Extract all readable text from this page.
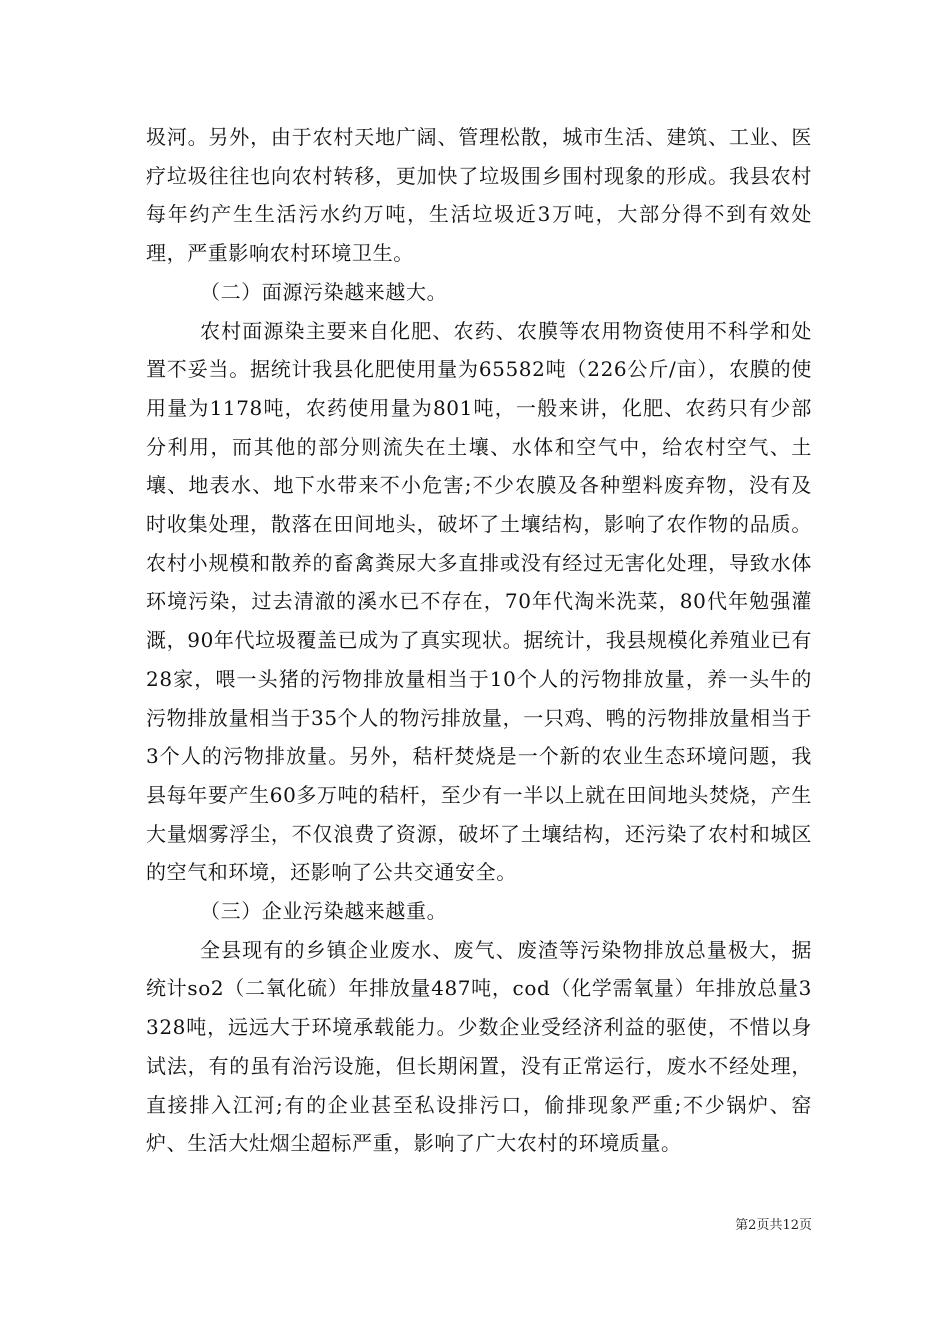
圾河。另外，由于农村天地广阔、管理松散，城市生活、建筑、工业、医疗垃圾往往也向农村转移，更加快了垃圾围乡围村现象的形成。我县农村每年约产生生活污水约万吨，生活垃圾近3万吨，大部分得不到有效处理，严重影响农村环境卫生。

（二）面源污染越来越大。

农村面源染主要来自化肥、农药、农膜等农用物资使用不科学和处置不妥当。据统计我县化肥使用量为65582吨（226公斤/亩），农膜的使用量为1178吨，农药使用量为801吨，一般来讲，化肥、农药只有少部分利用，而其他的部分则流失在土壤、水体和空气中，给农村空气、土壤、地表水、地下水带来不小危害;不少农膜及各种塑料废弃物，没有及时收集处理，散落在田间地头，破坏了土壤结构，影响了农作物的品质。农村小规模和散养的畜禽粪尿大多直排或没有经过无害化处理，导致水体环境污染，过去清澈的溪水已不存在，70年代淘米洗菜，80代年勉强灌溉，90年代垃圾覆盖已成为了真实现状。据统计，我县规模化养殖业已有28家，喂一头猪的污物排放量相当于10个人的污物排放量，养一头牛的污物排放量相当于35个人的物污排放量，一只鸡、鸭的污物排放量相当于3个人的污物排放量。另外，秸杆焚烧是一个新的农业生态环境问题，我县每年要产生60多万吨的秸杆，至少有一半以上就在田间地头焚烧，产生大量烟雾浮尘，不仅浪费了资源，破坏了土壤结构，还污染了农村和城区的空气和环境，还影响了公共交通安全。

（三）企业污染越来越重。

全县现有的乡镇企业废水、废气、废渣等污染物排放总量极大，据统计so2（二氧化硫）年排放量487吨，cod（化学需氧量）年排放总量3328吨，远远大于环境承载能力。少数企业受经济利益的驱使，不惜以身试法，有的虽有治污设施，但长期闲置，没有正常运行，废水不经处理，直接排入江河;有的企业甚至私设排污口，偷排现象严重;不少锅炉、窑炉、生活大灶烟尘超标严重，影响了广大农村的环境质量。

第2页共12页
